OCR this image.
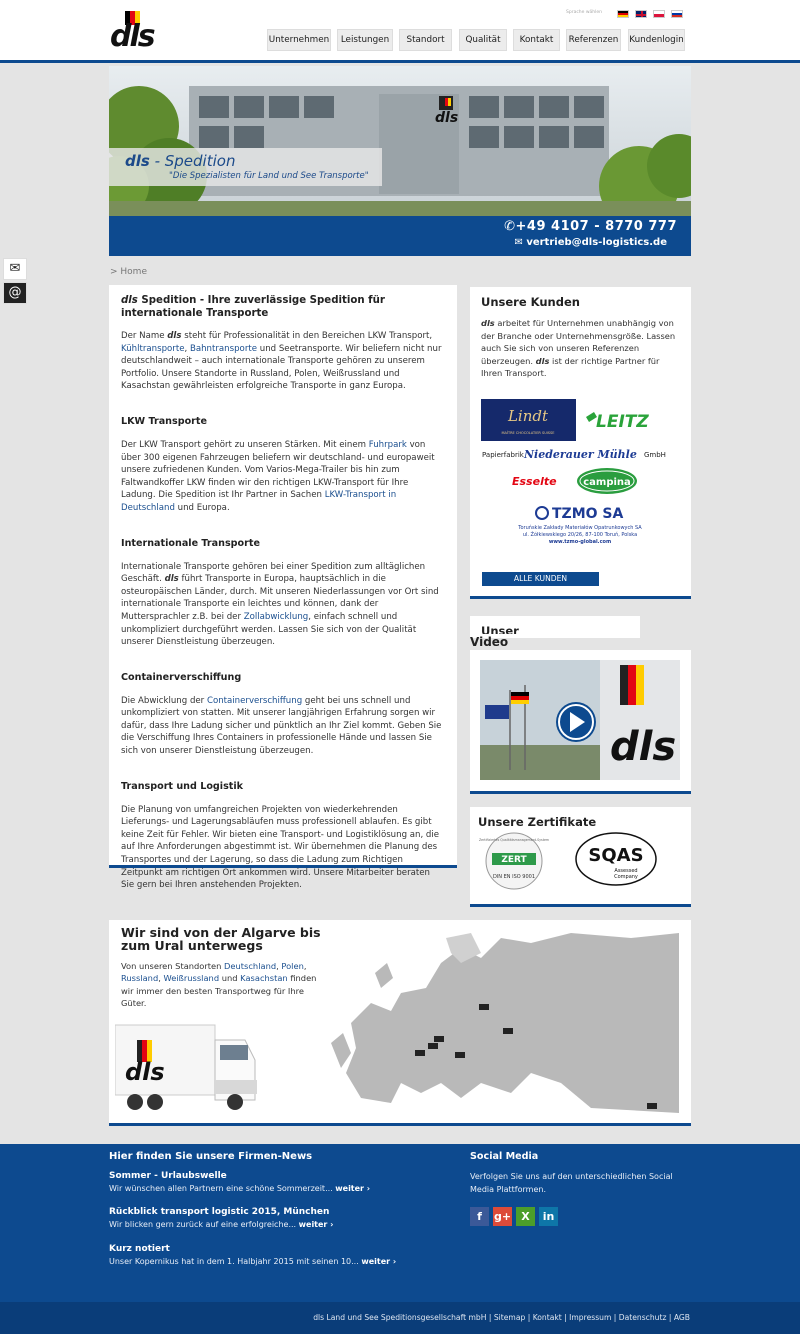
dls
Sprache wählen
Unternehmen	Leistungen	Standort	Qualität	Kontakt	Referenzen	Kundenlogin
dls
dls - Spedition
"Die Spezialisten für Land und See Transporte"
✆+49 4107 - 8770 777
✉ vertrieb@dls-logistics.de
✉
@
> Home
dls Spedition - Ihre zuverlässige Spedition für internationale Transporte

Der Name dls steht für Professionalität in den Bereichen LKW Transport, Kühltransporte, Bahntransporte und Seetransporte. Wir beliefern nicht nur deutschlandweit – auch internationale Transporte gehören zu unserem Portfolio. Unsere Standorte in Russland, Polen, Weißrussland und Kasachstan gewährleisten erfolgreiche Transporte in ganz Europa.

LKW Transporte

Der LKW Transport gehört zu unseren Stärken. Mit einem Fuhrpark von über 300 eigenen Fahrzeugen beliefern wir deutschland- und europaweit unsere zufriedenen Kunden. Vom Varios-Mega-Trailer bis hin zum Faltwandkoffer LKW finden wir den richtigen LKW-Transport für Ihre Ladung. Die Spedition ist Ihr Partner in Sachen LKW-Transport in Deutschland und Europa.

Internationale Transporte

Internationale Transporte gehören bei einer Spedition zum alltäglichen Geschäft. dls führt Transporte in Europa, hauptsächlich in die osteuropäischen Länder, durch. Mit unseren Niederlassungen vor Ort sind internationale Transporte ein leichtes und können, dank der Muttersprachler z.B. bei der Zollabwicklung, einfach schnell und unkompliziert durchgeführt werden. Lassen Sie sich von der Qualität unserer Dienstleistung überzeugen.

Containerverschiffung

Die Abwicklung der Containerverschiffung geht bei uns schnell und unkompliziert von statten. Mit unserer langjährigen Erfahrung sorgen wir dafür, dass Ihre Ladung sicher und pünktlich an Ihr Ziel kommt. Geben Sie die Verschiffung Ihres Containers in professionelle Hände und lassen Sie sich von unserer Dienstleistung überzeugen.

Transport und Logistik

Die Planung von umfangreichen Projekten von wiederkehrenden Lieferungs- und Lagerungsabläufen muss professionell ablaufen. Es gibt keine Zeit für Fehler. Wir bieten eine Transport- und Logistiklösung an, die auf Ihre Anforderungen abgestimmt ist. Wir übernehmen die Planung des Transportes und der Lagerung, so dass die Ladung zum Richtigen Zeitpunkt am richtigen Ort ankommen wird. Unsere Mitarbeiter beraten Sie gern bei Ihren anstehenden Projekten.

Unsere Kunden

dls arbeitet für Unternehmen unabhängig von der Branche oder Unternehmensgröße. Lassen auch Sie sich von unseren Referenzen überzeugen. dls ist der richtige Partner für Ihren Transport.

Lindt
MAÎTRE CHOCOLATIER SUISSE
LEITZ
Papierfabrik Niederauer Mühle GmbH
Esselte	campina
TZMO SA
Toruńskie Zakłady Materiałów Opatrunkowych SA
ul. Żółkiewskiego 20/26, 87-100 Toruń, Polska
www.tzmo-global.com
ALLE KUNDEN
Unser
Video
dls
Unsere Zertifikate
Zertifiziertes Qualitätsmanagement-System
ZERT
DIN EN ISO 9001
SQAS
Assessed
Company
Wir sind von der Algarve bis zum Ural unterwegs
Von unseren Standorten Deutschland, Polen, Russland, Weißrussland und Kasachstan finden wir immer den besten Transportweg für Ihre Güter.
dls
Hier finden Sie unsere Firmen-News
Sommer - Urlaubswelle
Wir wünschen allen Partnern eine schöne Sommerzeit... weiter ›
Rückblick transport logistic 2015, München
Wir blicken gern zurück auf eine erfolgreiche... weiter ›
Kurz notiert
Unser Kopernikus hat in dem 1. Halbjahr 2015 mit seinen 10... weiter ›
Social Media
Verfolgen Sie uns auf den unterschiedlichen Social Media Plattformen.
f	g+ X	in
dls Land und See Speditionsgesellschaft mbH | Sitemap | Kontakt | Impressum | Datenschutz | AGB
